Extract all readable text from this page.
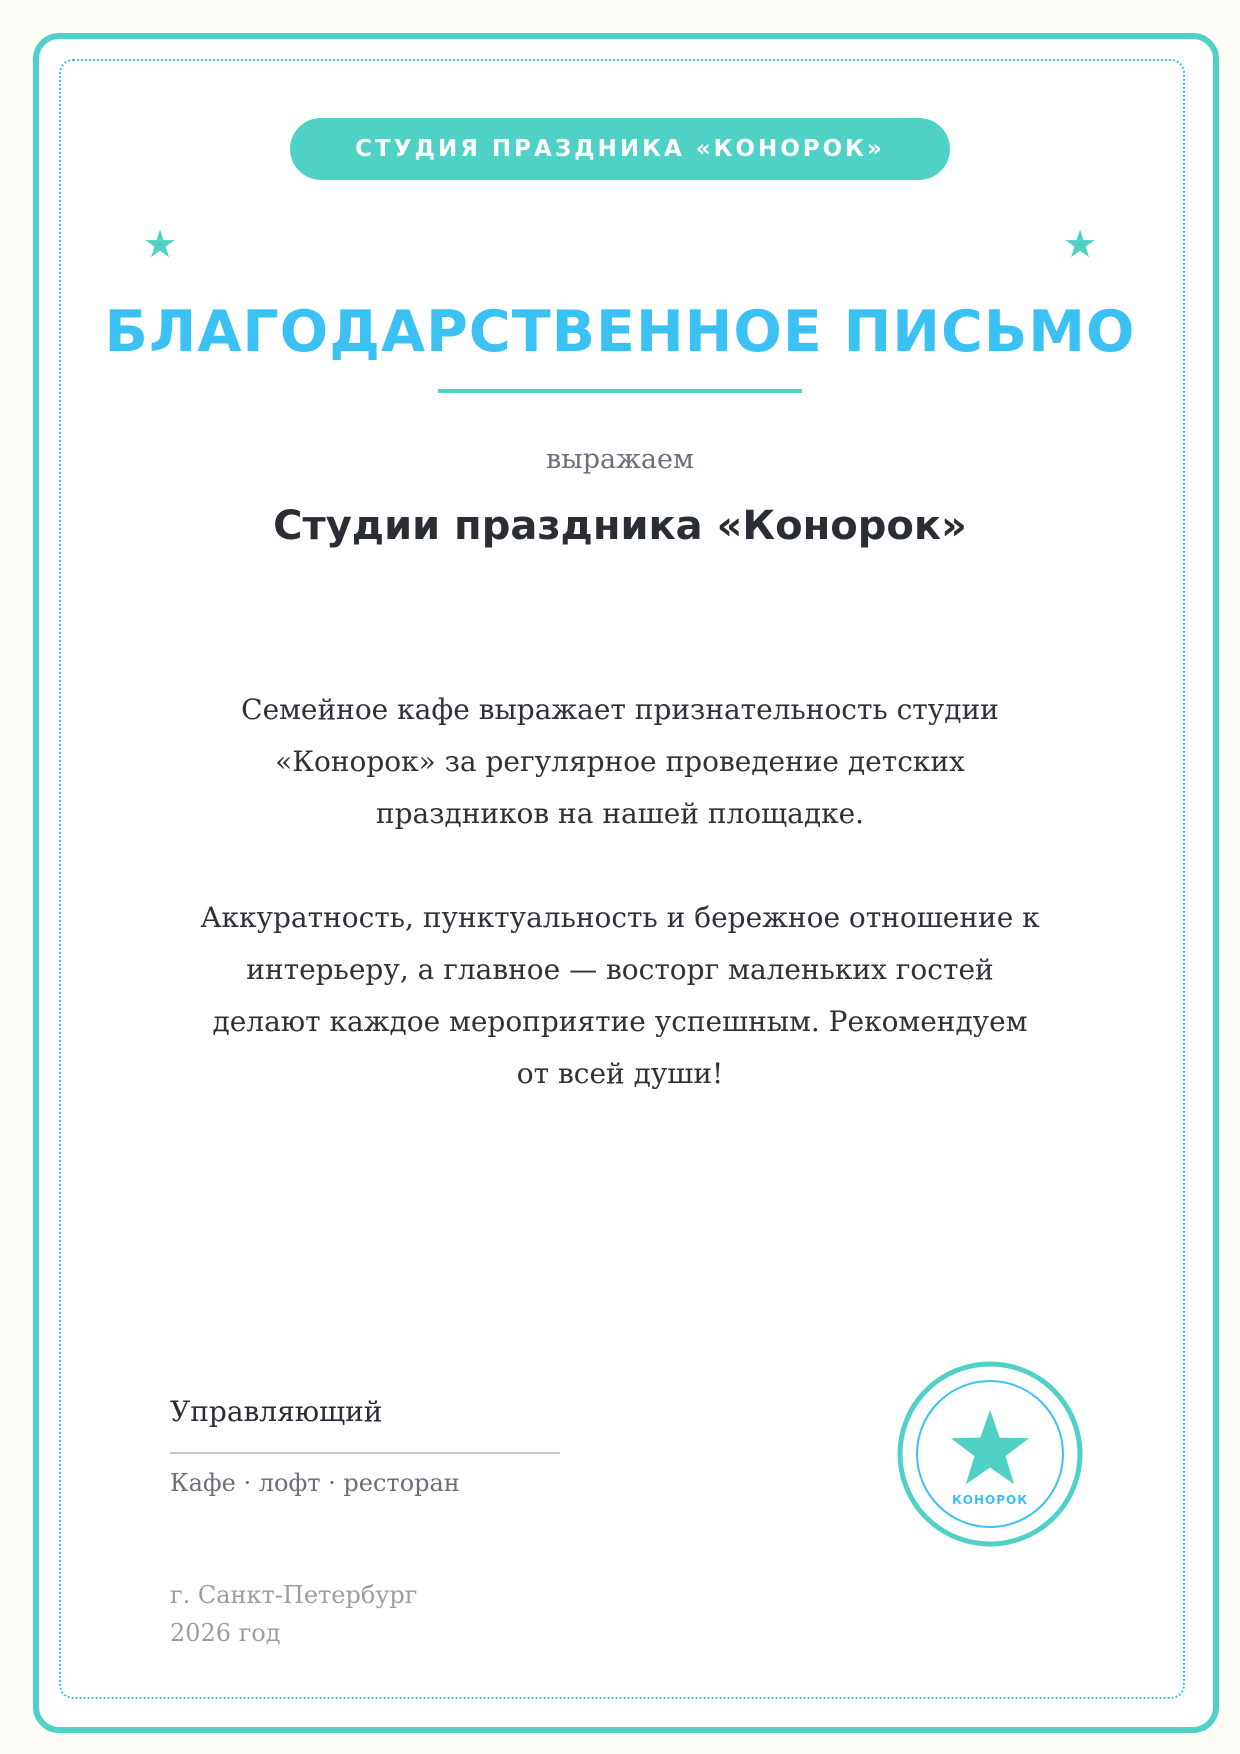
СТУДИЯ ПРАЗДНИКА «КОНОРОК»
★	★
БЛАГОДАРСТВЕННОЕ ПИСЬМО
выражаем
Студии праздника «Конорок»
Семейное кафе выражает признательность студии «Конорок» за регулярное проведение детских праздников на нашей площадке.
Аккуратность, пунктуальность и бережное отношение к интерьеру, а главное — восторг маленьких гостей делают каждое мероприятие успешным. Рекомендуем от всей души!
Управляющий
Кафе · лофт · ресторан
г. Санкт-Петербург
2026 год
КОНОРОК
